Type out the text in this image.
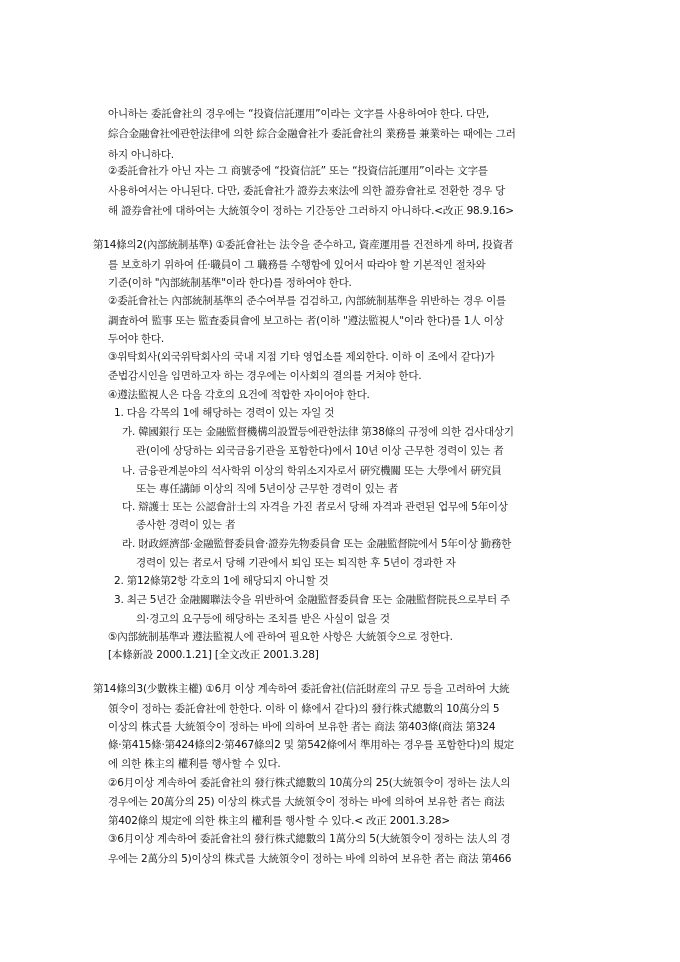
아니하는 委託會社의 경우에는 “投資信託運用”이라는 文字를 사용하여야 한다. 다만,
綜合金融會社에관한法律에 의한 綜合金融會社가 委託會社의 業務를 兼業하는 때에는 그러
하지 아니하다.
②委託會社가 아닌 자는 그 商號중에 “投資信託” 또는 “投資信託運用”이라는 文字를
사용하여서는 아니된다. 다만, 委託會社가 證券去來法에 의한 證券會社로 전환한 경우 당
해 證券會社에 대하여는 大統領令이 정하는 기간동안 그러하지 아니하다.<改正 98.9.16>
第14條의2(內部統制基準) ①委託會社는 法令을 준수하고, 資産運用를 건전하게 하며, 投資者
를 보호하기 위하여 任·職員이 그 職務를 수행함에 있어서 따라야 할 기본적인 절차와
기준(이하 "內部統制基準"이라 한다)를 정하여야 한다.
②委託會社는 內部統制基準의 준수여부를 검검하고, 內部統制基準을 위반하는 경우 이를
調査하여 監事 또는 監査委員會에 보고하는 者(이하 "遵法監視人"이라 한다)를 1人 이상
두어야 한다.
③위탁회사(외국위탁회사의 국내 지점 기타 영업소를 제외한다. 이하 이 조에서 같다)가
준법감시인을 임면하고자 하는 경우에는 이사회의 결의를 거쳐야 한다.
④遵法監視人은 다음 각호의 요건에 적합한 자이어야 한다.
1. 다음 각목의 1에 해당하는 경력이 있는 자일 것
가. 韓國銀行 또는 金融監督機構의設置등에관한法律 第38條의 규정에 의한 검사대상기
관(이에 상당하는 외국금융기관을 포함한다)에서 10년 이상 근무한 경력이 있는 者
나. 금융관계분야의 석사학위 이상의 학위소지자로서 硏究機關 또는 大學에서 硏究員
또는 專任講師 이상의 직에 5년이상 근무한 경력이 있는 者
다. 辯護士 또는 公認會計士의 자격을 가진 者로서 당해 자격과 관련된 업무에 5年이상
종사한 경력이 있는 者
라. 財政經濟部·金融監督委員會·證券先物委員會 또는 金融監督院에서 5年이상 勤務한
경력이 있는 者로서 당해 기관에서 퇴임 또는 퇴직한 후 5년이 경과한 자
2. 第12條第2항 각호의 1에 해당되지 아니할 것
3. 최근 5년간 金融關聯法令을 위반하여 金融監督委員會 또는 金融監督院長으로부터 주
의·경고의 요구등에 해당하는 조치를 받은 사실이 없을 것
⑤內部統制基準과 遵法監視人에 관하여 필요한 사항은 大統領令으로 정한다.
[本條新設 2000.1.21] [全文改正 2001.3.28]
第14條의3(少數株主權) ①6月 이상 계속하여 委託會社(信託財産의 규모 등을 고려하여 大統
領令이 정하는 委託會社에 한한다. 이하 이 條에서 같다)의 發行株式總數의 10萬分의 5
이상의 株式를 大統領令이 정하는 바에 의하여 보유한 者는 商法 第403條(商法 第324
條·第415條·第424條의2·第467條의2 및 第542條에서 準用하는 경우를 포함한다)의 規定
에 의한 株主의 權利를 행사할 수 있다.
②6月이상 계속하여 委託會社의 發行株式總數의 10萬分의 25(大統領令이 정하는 法人의
경우에는 20萬分의 25) 이상의 株式를 大統領令이 정하는 바에 의하여 보유한 者는 商法
第402條의 規定에 의한 株主의 權利를 행사할 수 있다.< 改正 2001.3.28>
③6月이상 계속하여 委託會社의 發行株式總數의 1萬分의 5(大統領令이 정하는 法人의 경
우에는 2萬分의 5)이상의 株式를 大統領令이 정하는 바에 의하여 보유한 者는 商法 第466
